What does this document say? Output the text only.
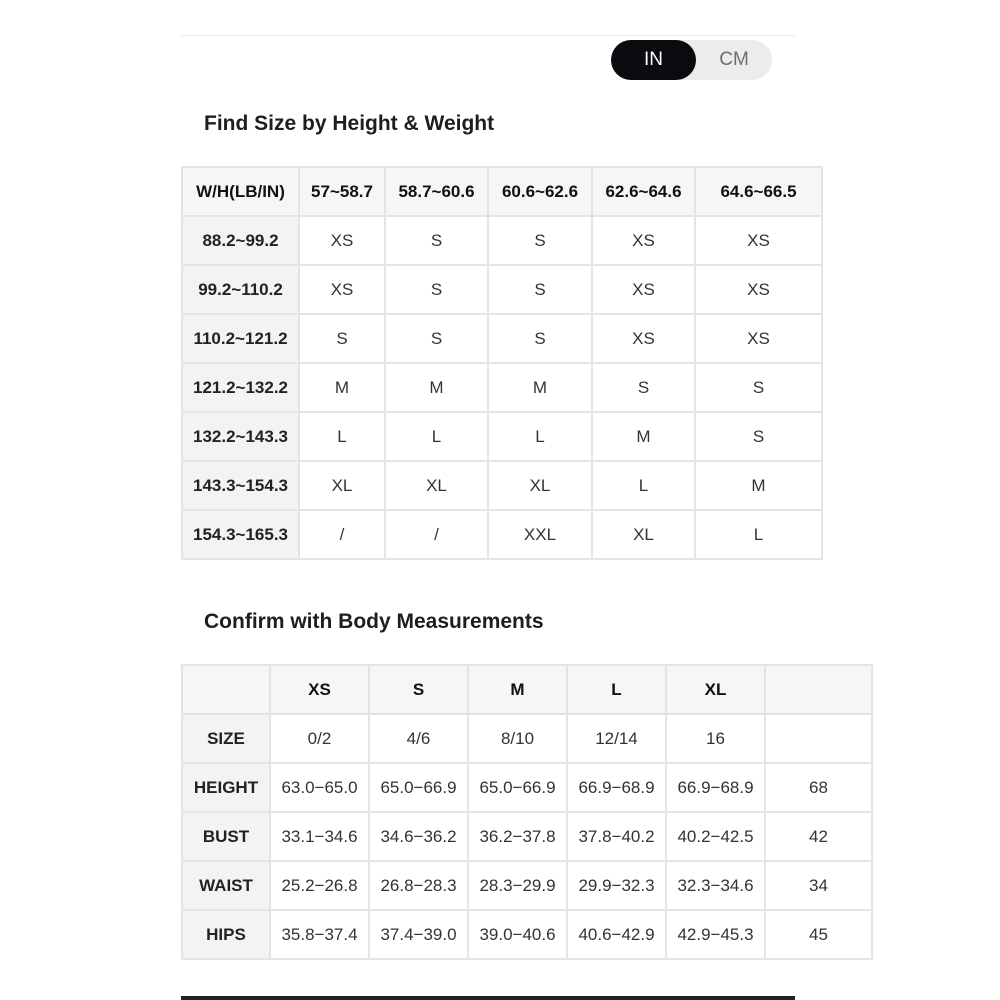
IN	CM
Find Size by Height & Weight
W/H(LB/IN)	57~58.7	58.7~60.6	60.6~62.6	62.6~64.6	64.6~66.5
88.2~99.2	XS	S	S	XS	XS
99.2~110.2	XS	S	S	XS	XS
110.2~121.2	S	S	S	XS	XS
121.2~132.2	M	M	M	S	S
132.2~143.3	L	L	L	M	S
143.3~154.3	XL	XL	XL	L	M
154.3~165.3	/	/	XXL	XL	L
Confirm with Body Measurements
	XS	S	M	L	XL	
SIZE	0/2	4/6	8/10	12/14	16	
HEIGHT	63.0−65.0	65.0−66.9	65.0−66.9	66.9−68.9	66.9−68.9	68
BUST	33.1−34.6	34.6−36.2	36.2−37.8	37.8−40.2	40.2−42.5	42
WAIST	25.2−26.8	26.8−28.3	28.3−29.9	29.9−32.3	32.3−34.6	34
HIPS	35.8−37.4	37.4−39.0	39.0−40.6	40.6−42.9	42.9−45.3	45
